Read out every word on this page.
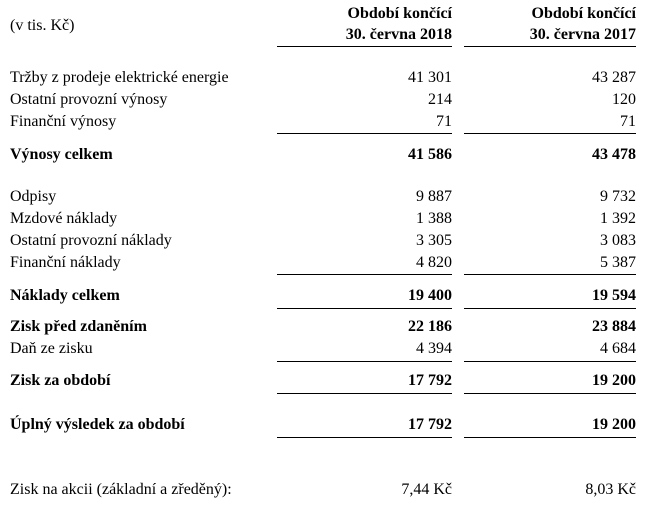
(v tis. Kč)
Období končící
30. června 2018
Období končící
30. června 2017
Tržby z prodeje elektrické energie	41 301	43 287
Ostatní provozní výnosy	214	120
Finanční výnosy	71	71
Výnosy celkem	41 586	43 478
Odpisy	9 887	9 732
Mzdové náklady	1 388	1 392
Ostatní provozní náklady	3 305	3 083
Finanční náklady	4 820	5 387
Náklady celkem	19 400	19 594
Zisk před zdaněním	22 186	23 884
Daň ze zisku	4 394	4 684
Zisk za období	17 792	19 200
Úplný výsledek za období	17 792	19 200
Zisk na akcii (základní a zředěný):	7,44 Kč	8,03 Kč
